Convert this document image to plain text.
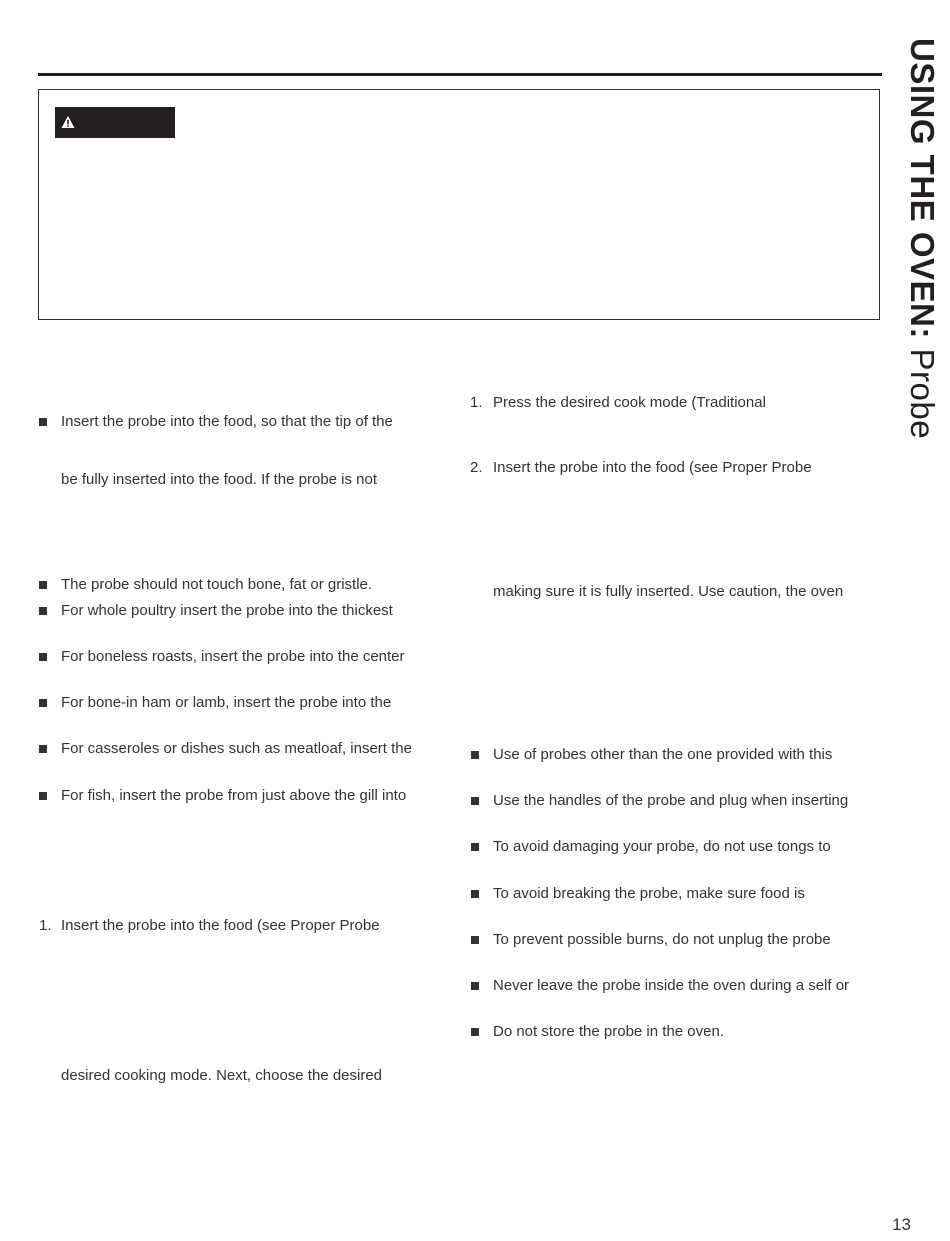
USING THE OVEN: Probe
Insert the probe into the food, so that the tip of the
be fully inserted into the food. If the probe is not
The probe should not touch bone, fat or gristle.
For whole poultry insert the probe into the thickest
For boneless roasts, insert the probe into the center
For bone-in ham or lamb, insert the probe into the
For casseroles or dishes such as meatloaf, insert the
For fish, insert the probe from just above the gill into
1. Insert the probe into the food (see Proper Probe
desired cooking mode. Next, choose the desired
1. Press the desired cook mode (Traditional
2. Insert the probe into the food (see Proper Probe
making sure it is fully inserted. Use caution, the oven
Use of probes other than the one provided with this
Use the handles of the probe and plug when inserting
To avoid damaging your probe, do not use tongs to
To avoid breaking the probe, make sure food is
To prevent possible burns, do not unplug the probe
Never leave the probe inside the oven during a self or
Do not store the probe in the oven.
13
